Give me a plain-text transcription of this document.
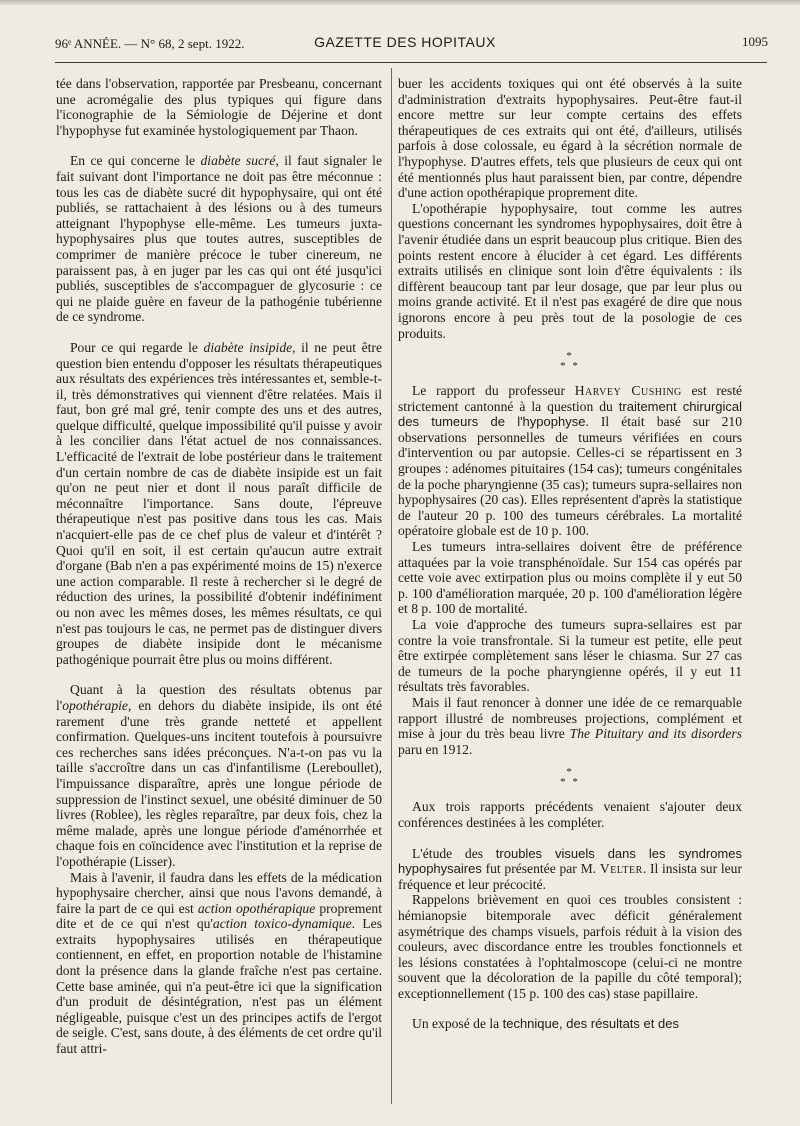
96ᵉ ANNÉE. — N° 68, 2 sept. 1922.	GAZETTE DES HOPITAUX	1095

tée dans l'observation, rapportée par Presbeanu, concernant une acromégalie des plus typiques qui figure dans l'iconographie de la Sémiologie de Déjerine et dont l'hypophyse fut examinée hystologiquement par Thaon.

En ce qui concerne le diabète sucré, il faut signaler le fait suivant dont l'importance ne doit pas être méconnue : tous les cas de diabète sucré dit hypophysaire, qui ont été publiés, se rattachaient à des lésions ou à des tumeurs atteignant l'hypophyse elle-même. Les tumeurs juxta-hypophysaires plus que toutes autres, susceptibles de comprimer de manière précoce le tuber cinereum, ne paraissent pas, à en juger par les cas qui ont été jusqu'ici publiés, susceptibles de s'accompaguer de glycosurie : ce qui ne plaide guère en faveur de la pathogénie tubérienne de ce syndrome.

Pour ce qui regarde le diabète insipide, il ne peut être question bien entendu d'opposer les résultats thérapeutiques aux résultats des expériences très intéressantes et, semble-t-il, très démonstratives qui viennent d'être relatées. Mais il faut, bon gré mal gré, tenir compte des uns et des autres, quelque difficulté, quelque impossibilité qu'il puisse y avoir à les concilier dans l'état actuel de nos connaissances. L'efficacité de l'extrait de lobe postérieur dans le traitement d'un certain nombre de cas de diabète insipide est un fait qu'on ne peut nier et dont il nous paraît difficile de méconnaître l'importance. Sans doute, l'épreuve thérapeutique n'est pas positive dans tous les cas. Mais n'acquiert-elle pas de ce chef plus de valeur et d'intérêt ? Quoi qu'il en soit, il est certain qu'aucun autre extrait d'organe (Bab n'en a pas expérimenté moins de 15) n'exerce une action comparable. Il reste à rechercher si le degré de réduction des urines, la possibilité d'obtenir indéfiniment ou non avec les mêmes doses, les mêmes résultats, ce qui n'est pas toujours le cas, ne permet pas de distinguer divers groupes de diabète insipide dont le mécanisme pathogénique pourrait être plus ou moins différent.

Quant à la question des résultats obtenus par l'opothérapie, en dehors du diabète insipide, ils ont été rarement d'une très grande netteté et appellent confirmation. Quelques-uns incitent toutefois à poursuivre ces recherches sans idées préconçues. N'a-t-on pas vu la taille s'accroître dans un cas d'infantilisme (Lereboullet), l'impuissance disparaître, après une longue période de suppression de l'instinct sexuel, une obésité diminuer de 50 livres (Roblee), les règles reparaître, par deux fois, chez la même malade, après une longue période d'aménorrhée et chaque fois en coïncidence avec l'institution et la reprise de l'opothérapie (Lisser).

Mais à l'avenir, il faudra dans les effets de la médication hypophysaire chercher, ainsi que nous l'avons demandé, à faire la part de ce qui est action opothérapique proprement dite et de ce qui n'est qu'action toxico-dynamique. Les extraits hypophysaires utilisés en thérapeutique contiennent, en effet, en proportion notable de l'histamine dont la présence dans la glande fraîche n'est pas certaine. Cette base aminée, qui n'a peut-être ici que la signification d'un produit de désintégration, n'est pas un élément négligeable, puisque c'est un des principes actifs de l'ergot de seigle. C'est, sans doute, à des éléments de cet ordre qu'il faut attri-

buer les accidents toxiques qui ont été observés à la suite d'administration d'extraits hypophysaires. Peut-être faut-il encore mettre sur leur compte certains des effets thérapeutiques de ces extraits qui ont été, d'ailleurs, utilisés parfois à dose colossale, eu égard à la sécrétion normale de l'hypophyse. D'autres effets, tels que plusieurs de ceux qui ont été mentionnés plus haut paraissent bien, par contre, dépendre d'une action opothérapique proprement dite.

L'opothérapie hypophysaire, tout comme les autres questions concernant les syndromes hypophysaires, doit être à l'avenir étudiée dans un esprit beaucoup plus critique. Bien des points restent encore à élucider à cet égard. Les différents extraits utilisés en clinique sont loin d'être équivalents : ils diffèrent beaucoup tant par leur dosage, que par leur plus ou moins grande activité. Et il n'est pas exagéré de dire que nous ignorons encore à peu près tout de la posologie de ces produits.

*
* *

Le rapport du professeur Harvey Cushing est resté strictement cantonné à la question du traitement chirurgical des tumeurs de l'hypophyse. Il était basé sur 210 observations personnelles de tumeurs vérifiées en cours d'intervention ou par autopsie. Celles-ci se répartissent en 3 groupes : adénomes pituitaires (154 cas); tumeurs congénitales de la poche pharyngienne (35 cas); tumeurs supra-sellaires non hypophysaires (20 cas). Elles représentent d'après la statistique de l'auteur 20 p. 100 des tumeurs cérébrales. La mortalité opératoire globale est de 10 p. 100.

Les tumeurs intra-sellaires doivent être de préférence attaquées par la voie transphénoïdale. Sur 154 cas opérés par cette voie avec extirpation plus ou moins complète il y eut 50 p. 100 d'amélioration marquée, 20 p. 100 d'amélioration légère et 8 p. 100 de mortalité.

La voie d'approche des tumeurs supra-sellaires est par contre la voie transfrontale. Si la tumeur est petite, elle peut être extirpée complètement sans léser le chiasma. Sur 27 cas de tumeurs de la poche pharyngienne opérés, il y eut 11 résultats très favorables.

Mais il faut renoncer à donner une idée de ce remarquable rapport illustré de nombreuses projections, complément et mise à jour du très beau livre The Pituitary and its disorders paru en 1912.

*
* *

Aux trois rapports précédents venaient s'ajouter deux conférences destinées à les compléter.

L'étude des troubles visuels dans les syndromes hypophysaires fut présentée par M. Velter. Il insista sur leur fréquence et leur précocité.

Rappelons brièvement en quoi ces troubles consistent : hémianopsie bitemporale avec déficit généralement asymétrique des champs visuels, parfois réduit à la vision des couleurs, avec discordance entre les troubles fonctionnels et les lésions constatées à l'ophtalmoscope (celui-ci ne montre souvent que la décoloration de la papille du côté temporal); exceptionnellement (15 p. 100 des cas) stase papillaire.

Un exposé de la technique, des résultats et des
